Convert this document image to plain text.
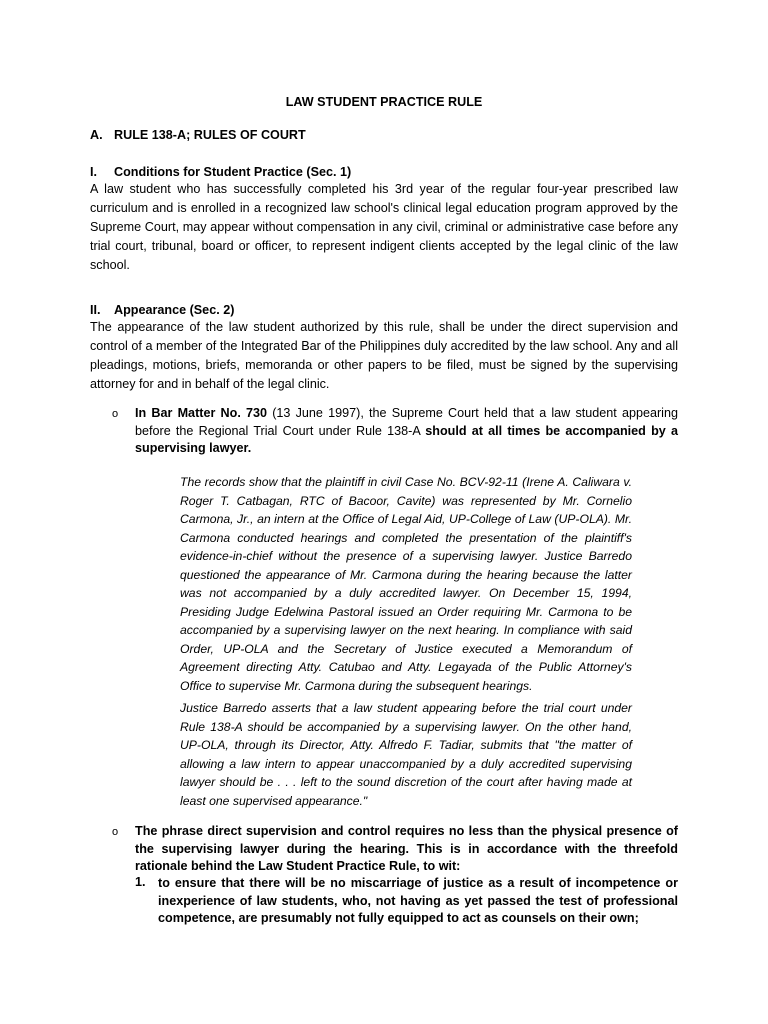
LAW STUDENT PRACTICE RULE
A. RULE 138-A; RULES OF COURT
I. Conditions for Student Practice (Sec. 1)
A law student who has successfully completed his 3rd year of the regular four-year prescribed law curriculum and is enrolled in a recognized law school's clinical legal education program approved by the Supreme Court, may appear without compensation in any civil, criminal or administrative case before any trial court, tribunal, board or officer, to represent indigent clients accepted by the legal clinic of the law school.
II. Appearance (Sec. 2)
The appearance of the law student authorized by this rule, shall be under the direct supervision and control of a member of the Integrated Bar of the Philippines duly accredited by the law school. Any and all pleadings, motions, briefs, memoranda or other papers to be filed, must be signed by the supervising attorney for and in behalf of the legal clinic.
o In Bar Matter No. 730 (13 June 1997), the Supreme Court held that a law student appearing before the Regional Trial Court under Rule 138-A should at all times be accompanied by a supervising lawyer.
The records show that the plaintiff in civil Case No. BCV-92-11 (Irene A. Caliwara v. Roger T. Catbagan, RTC of Bacoor, Cavite) was represented by Mr. Cornelio Carmona, Jr., an intern at the Office of Legal Aid, UP-College of Law (UP-OLA). Mr. Carmona conducted hearings and completed the presentation of the plaintiff's evidence-in-chief without the presence of a supervising lawyer. Justice Barredo questioned the appearance of Mr. Carmona during the hearing because the latter was not accompanied by a duly accredited lawyer. On December 15, 1994, Presiding Judge Edelwina Pastoral issued an Order requiring Mr. Carmona to be accompanied by a supervising lawyer on the next hearing. In compliance with said Order, UP-OLA and the Secretary of Justice executed a Memorandum of Agreement directing Atty. Catubao and Atty. Legayada of the Public Attorney's Office to supervise Mr. Carmona during the subsequent hearings.
Justice Barredo asserts that a law student appearing before the trial court under Rule 138-A should be accompanied by a supervising lawyer. On the other hand, UP-OLA, through its Director, Atty. Alfredo F. Tadiar, submits that "the matter of allowing a law intern to appear unaccompanied by a duly accredited supervising lawyer should be . . . left to the sound discretion of the court after having made at least one supervised appearance."
o The phrase direct supervision and control requires no less than the physical presence of the supervising lawyer during the hearing. This is in accordance with the threefold rationale behind the Law Student Practice Rule, to wit:
1. to ensure that there will be no miscarriage of justice as a result of incompetence or inexperience of law students, who, not having as yet passed the test of professional competence, are presumably not fully equipped to act as counsels on their own;
